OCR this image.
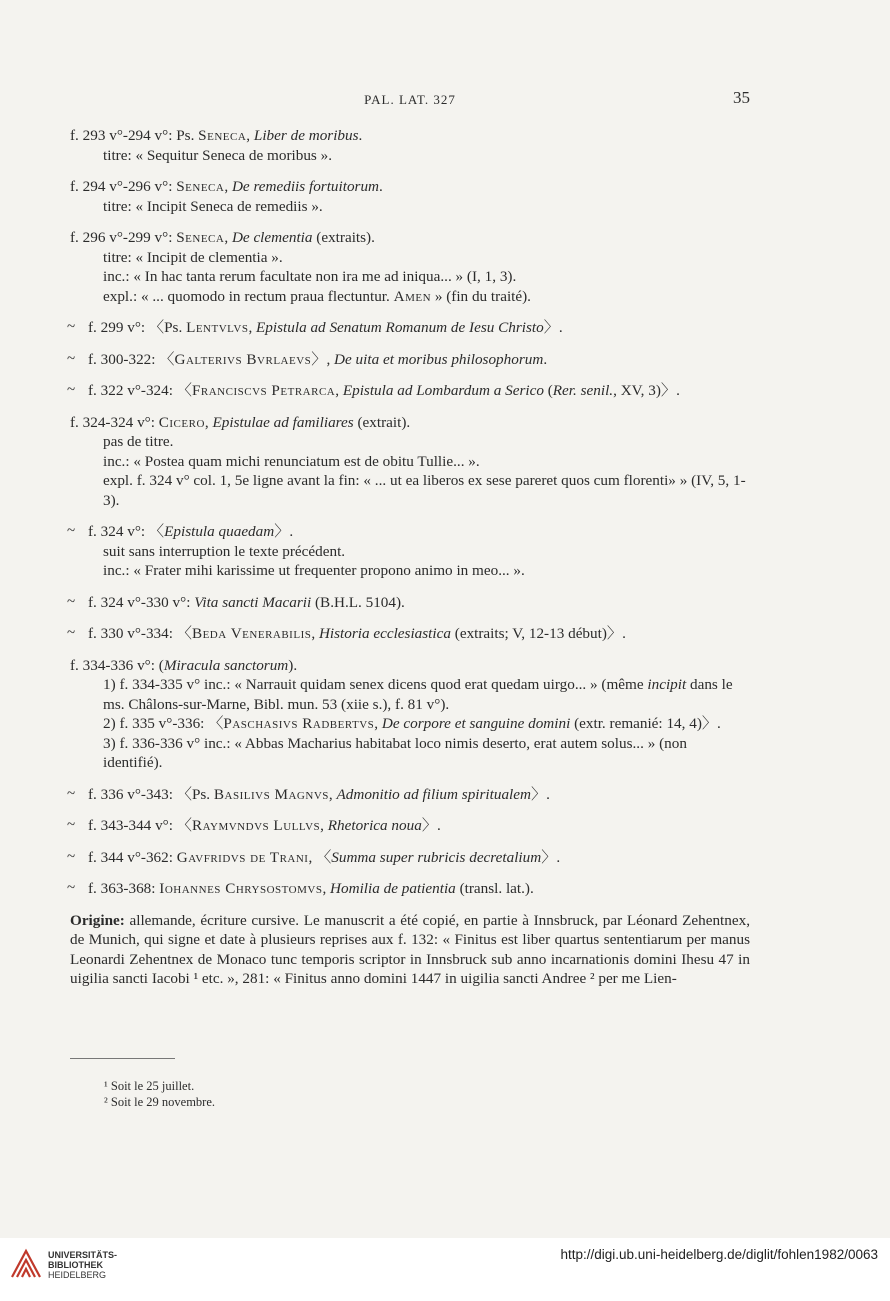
PAL. LAT. 327	35
f. 293 v°-294 v°: Ps. Seneca, Liber de moribus.
titre: « Sequitur Seneca de moribus ».
f. 294 v°-296 v°: Seneca, De remediis fortuitorum.
titre: « Incipit Seneca de remediis ».
f. 296 v°-299 v°: Seneca, De clementia (extraits).
titre: « Incipit de clementia ».
inc.: « In hac tanta rerum facultate non ira me ad iniqua... » (I, 1, 3).
expl.: « ... quomodo in rectum praua flectuntur. Amen » (fin du traité).
~ f. 299 v°: 〈Ps. Lentvlvs, Epistula ad Senatum Romanum de Iesu Christo〉.
~ f. 300-322: 〈Galterivs Bvrlaevs〉, De uita et moribus philosophorum.
~ f. 322 v°-324: 〈Franciscvs Petrarca, Epistula ad Lombardum a Serico (Rer. senil., XV, 3)〉.
f. 324-324 v°: Cicero, Epistulae ad familiares (extrait).
pas de titre.
inc.: « Postea quam michi renunciatum est de obitu Tullie... ».
expl. f. 324 v° col. 1, 5e ligne avant la fin: « ... ut ea liberos ex sese pareret quos cum florenti» » (IV, 5, 1-3).
~ f. 324 v°: 〈Epistula quaedam〉.
suit sans interruption le texte précédent.
inc.: « Frater mihi karissime ut frequenter propono animo in meo... ».
~ f. 324 v°-330 v°: Vita sancti Macarii (B.H.L. 5104).
~ f. 330 v°-334: 〈Beda Venerabilis, Historia ecclesiastica (extraits; V, 12-13 début)〉.
f. 334-336 v°: (Miracula sanctorum).
1) f. 334-335 v° inc.: « Narrauit quidam senex dicens quod erat quedam uirgo... » (même incipit dans le ms. Châlons-sur-Marne, Bibl. mun. 53 (xiie s.), f. 81 v°).
2) f. 335 v°-336: 〈Paschasivs Radbertvs, De corpore et sanguine domini (extr. remanié: 14, 4)〉.
3) f. 336-336 v° inc.: « Abbas Macharius habitabat loco nimis deserto, erat autem solus... » (non identifié).
~ f. 336 v°-343: 〈Ps. Basilivs Magnvs, Admonitio ad filium spiritualem〉.
~ f. 343-344 v°: 〈Raymvndvs Lullvs, Rhetorica noua〉.
~ f. 344 v°-362: Gavfridvs de Trani, 〈Summa super rubricis decretalium〉.
~ f. 363-368: Iohannes Chrysostomvs, Homilia de patientia (transl. lat.).
Origine: allemande, écriture cursive. Le manuscrit a été copié, en partie à Innsbruck, par Léonard Zehentnex, de Munich, qui signe et date à plusieurs reprises aux f. 132: « Finitus est liber quartus sententiarum per manus Leonardi Zehentnex de Monaco tunc temporis scriptor in Innsbruck sub anno incarnationis domini Ihesu 47 in uigilia sancti Iacobi ¹ etc. », 281: « Finitus anno domini 1447 in uigilia sancti Andree ² per me Lien-
¹ Soit le 25 juillet.
² Soit le 29 novembre.
UNIVERSITÄTS-
BIBLIOTHEK
HEIDELBERG
http://digi.ub.uni-heidelberg.de/diglit/fohlen1982/0063
